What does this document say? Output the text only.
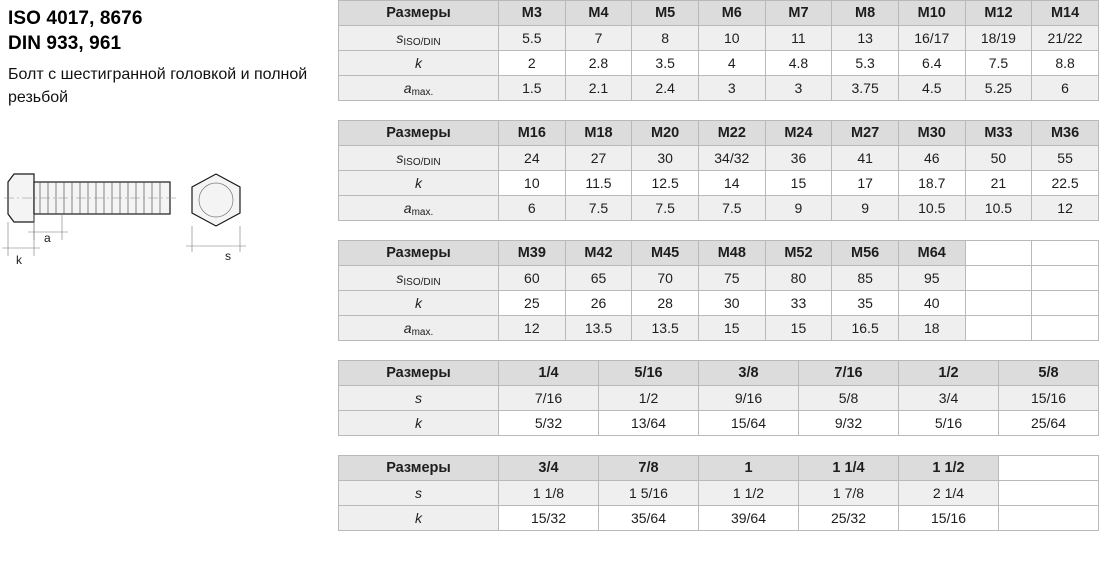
ISO 4017, 8676
DIN 933, 961
Болт с шестигранной головкой и полной резьбой
k
a
s
Размеры	M3	M4	M5	M6	M7	M8	M10	M12	M14
sISO/DIN	5.5	7	8	10	11	13	16/17	18/19	21/22
k	2	2.8	3.5	4	4.8	5.3	6.4	7.5	8.8
amax.	1.5	2.1	2.4	3	3	3.75	4.5	5.25	6
Размеры	M16	M18	M20	M22	M24	M27	M30	M33	M36
sISO/DIN	24	27	30	34/32	36	41	46	50	55
k	10	11.5	12.5	14	15	17	18.7	21	22.5
amax.	6	7.5	7.5	7.5	9	9	10.5	10.5	12
Размеры	M39	M42	M45	M48	M52	M56	M64		
sISO/DIN	60	65	70	75	80	85	95		
k	25	26	28	30	33	35	40		
amax.	12	13.5	13.5	15	15	16.5	18		
Размеры	1/4	5/16	3/8	7/16	1/2	5/8
s	7/16	1/2	9/16	5/8	3/4	15/16
k	5/32	13/64	15/64	9/32	5/16	25/64
Размеры	3/4	7/8	1	1 1/4	1 1/2	
s	1 1/8	1 5/16	1 1/2	1 7/8	2 1/4	
k	15/32	35/64	39/64	25/32	15/16	
